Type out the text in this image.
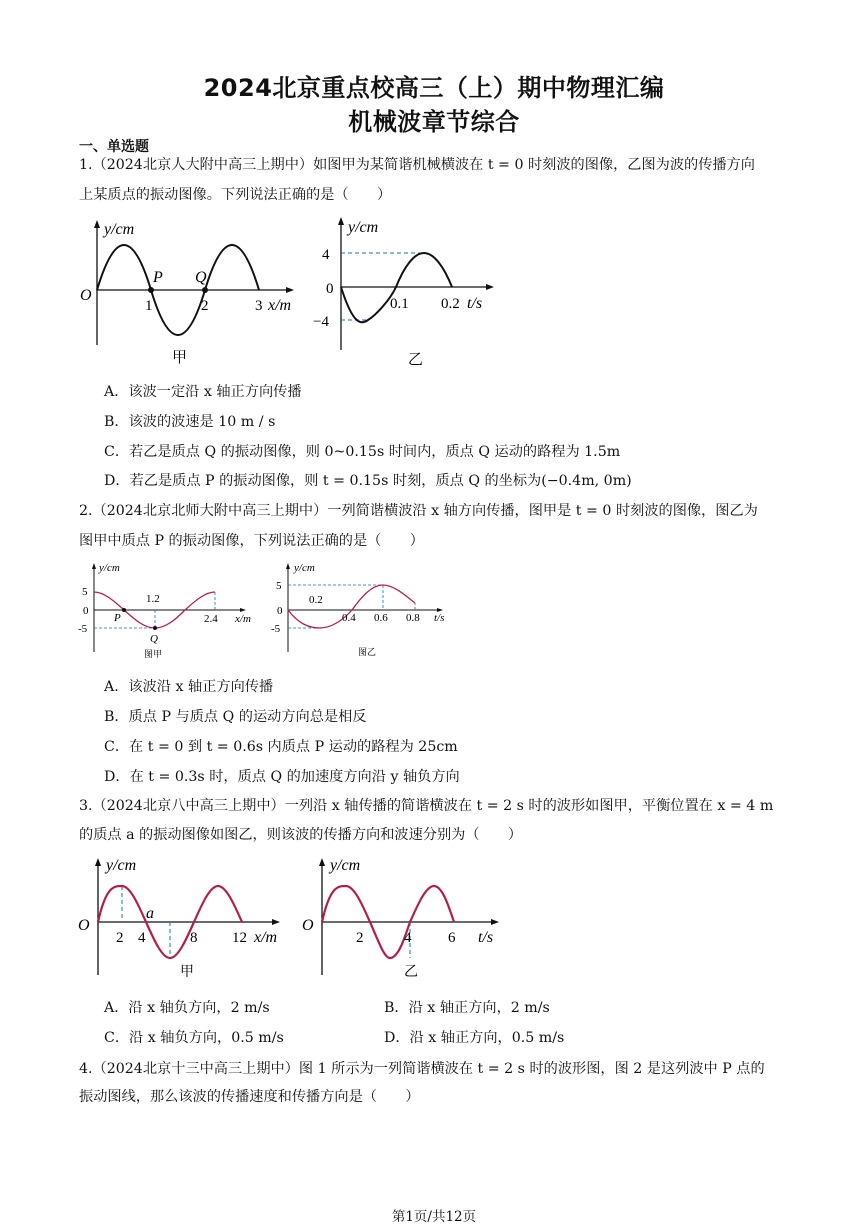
2024北京重点校高三（上）期中物理汇编
机械波章节综合
一、单选题
1.（2024北京人大附中高三上期中）如图甲为某简谐机械横波在 t = 0 时刻波的图像，乙图为波的传播方向
上某质点的振动图像。下列说法正确的是（　　）
y/cm
O
1	2	3 x/m
P Q
甲
y/cm
4
0
−4
0.1 0.2 t/s
乙
A．该波一定沿 x 轴正方向传播
B．该波的波速是 10 m / s
C．若乙是质点 Q 的振动图像，则 0~0.15s 时间内，质点 Q 运动的路程为 1.5m
D．若乙是质点 P 的振动图像，则 t = 0.15s 时刻，质点 Q 的坐标为(−0.4m, 0m)
2.（2024北京北师大附中高三上期中）一列简谐横波沿 x 轴方向传播，图甲是 t = 0 时刻波的图像，图乙为
图甲中质点 P 的振动图像，下列说法正确的是（　　）
y/cm
5
0
-5
1.2
2.4 x/m
P
Q
图甲
y/cm
5
0
-5
0.2
0.4 0.6 0.8 t/s
图乙
A．该波沿 x 轴正方向传播
B．质点 P 与质点 Q 的运动方向总是相反
C．在 t = 0 到 t = 0.6s 内质点 P 运动的路程为 25cm
D．在 t = 0.3s 时，质点 Q 的加速度方向沿 y 轴负方向
3.（2024北京八中高三上期中）一列沿 x 轴传播的简谐横波在 t = 2 s 时的波形如图甲，平衡位置在 x = 4 m
的质点 a 的振动图像如图乙，则该波的传播方向和波速分别为（　　）
y/cm
O
2 4	8 12 x/m
a
甲
y/cm
O
2	4 6 t/s
乙
A．沿 x 轴负方向，2 m/s	B．沿 x 轴正方向，2 m/s
C．沿 x 轴负方向，0.5 m/s	D．沿 x 轴正方向，0.5 m/s
4.（2024北京十三中高三上期中）图 1 所示为一列简谐横波在 t = 2 s 时的波形图，图 2 是这列波中 P 点的
振动图线，那么该波的传播速度和传播方向是（　　）
第1页/共12页
